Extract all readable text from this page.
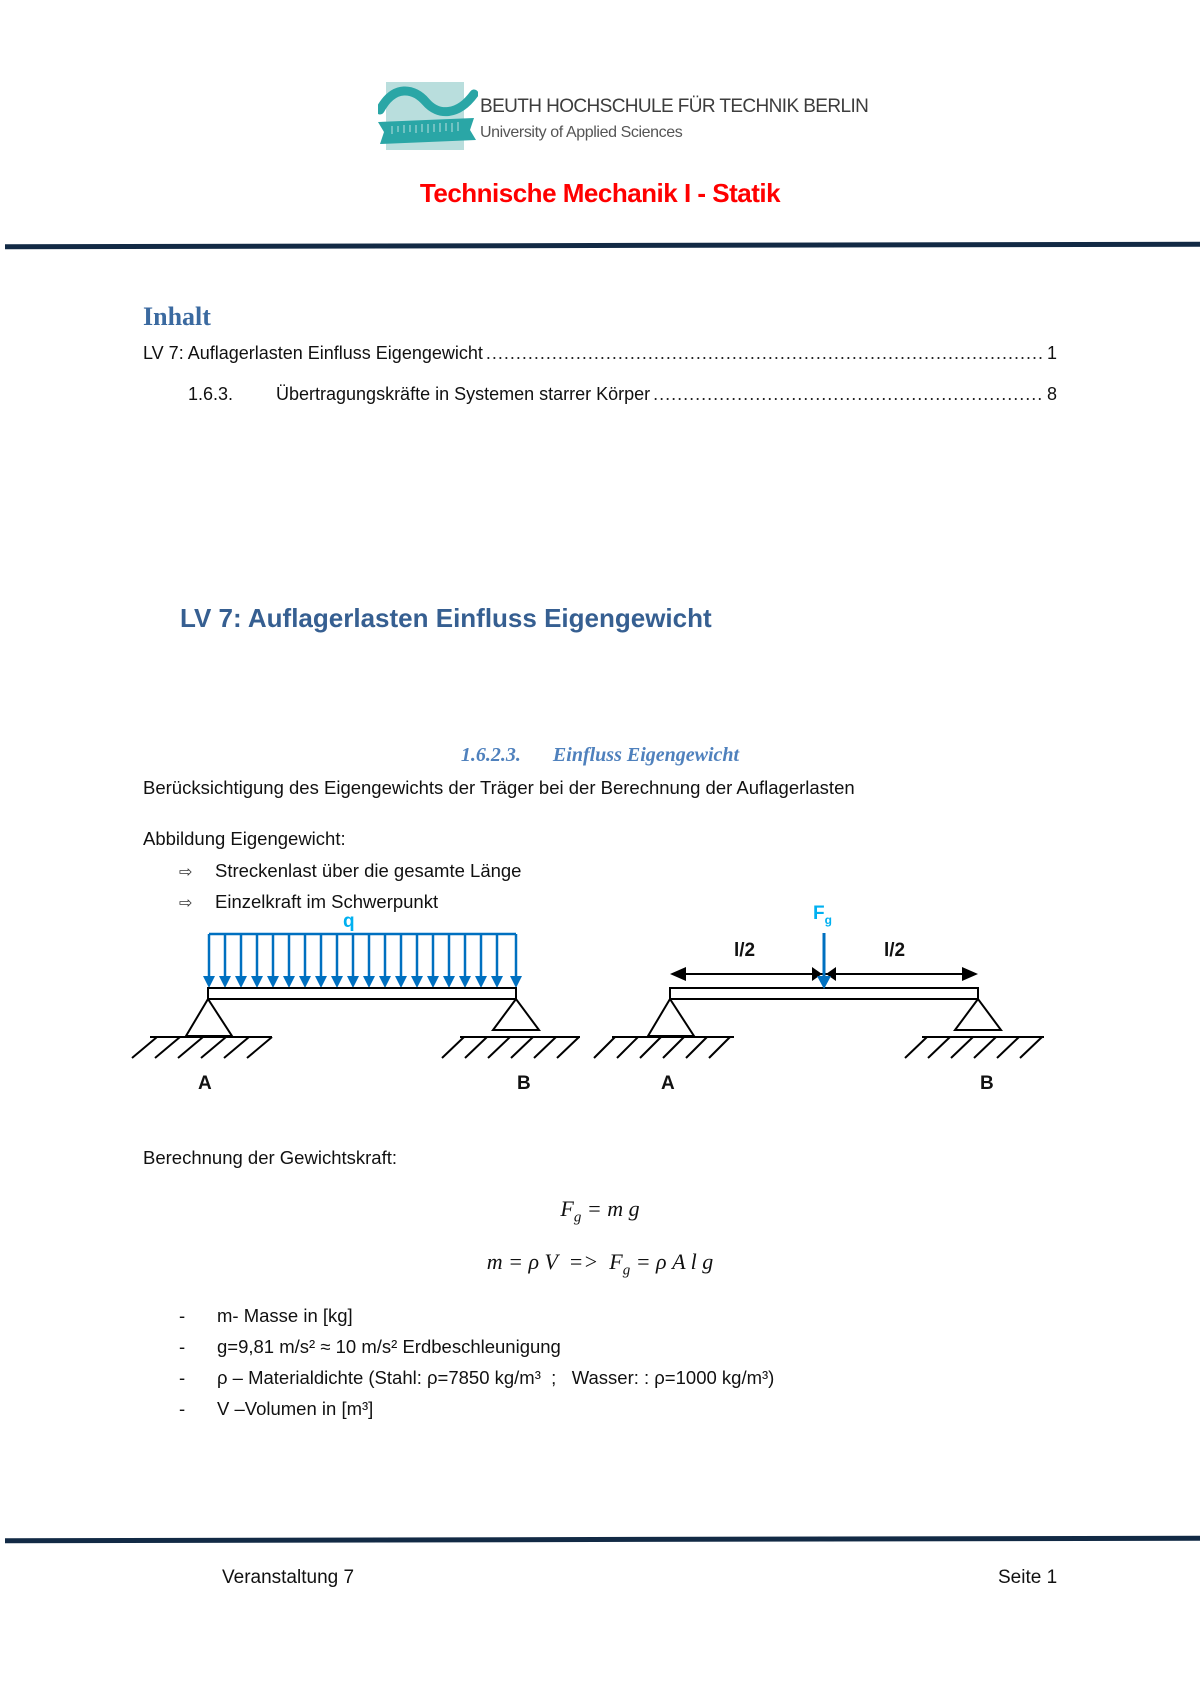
BEUTH HOCHSCHULE FÜR TECHNIK BERLIN
University of Applied Sciences
Technische Mechanik I - Statik
Inhalt
LV 7: Auflagerlasten Einfluss Eigengewicht .....	1
1.6.3.	Übertragungskräfte in Systemen starrer Körper .....	8
LV 7: Auflagerlasten Einfluss Eigengewicht
1.6.2.3. Einfluss Eigengewicht
Berücksichtigung des Eigengewichts der Träger bei der Berechnung der Auflagerlasten
Abbildung Eigengewicht:
⇨ Streckenlast über die gesamte Länge
⇨ Einzelkraft im Schwerpunkt
q
A	B
$F_g$
l/2	l/2
A	B
Berechnung der Gewichtskraft:
$F_g = m$ g
m = ρ $V => F_g = \rho$ A l g
- m- Masse in [kg]
- g=9,81 m/s² ≈ 10 m/s² Erdbeschleunigung
- ρ – Materialdichte (Stahl: ρ=7850 kg/m³  ;   Wasser: : ρ=1000 kg/m³)
- V –Volumen in [m³]
Veranstaltung 7	Seite 1
